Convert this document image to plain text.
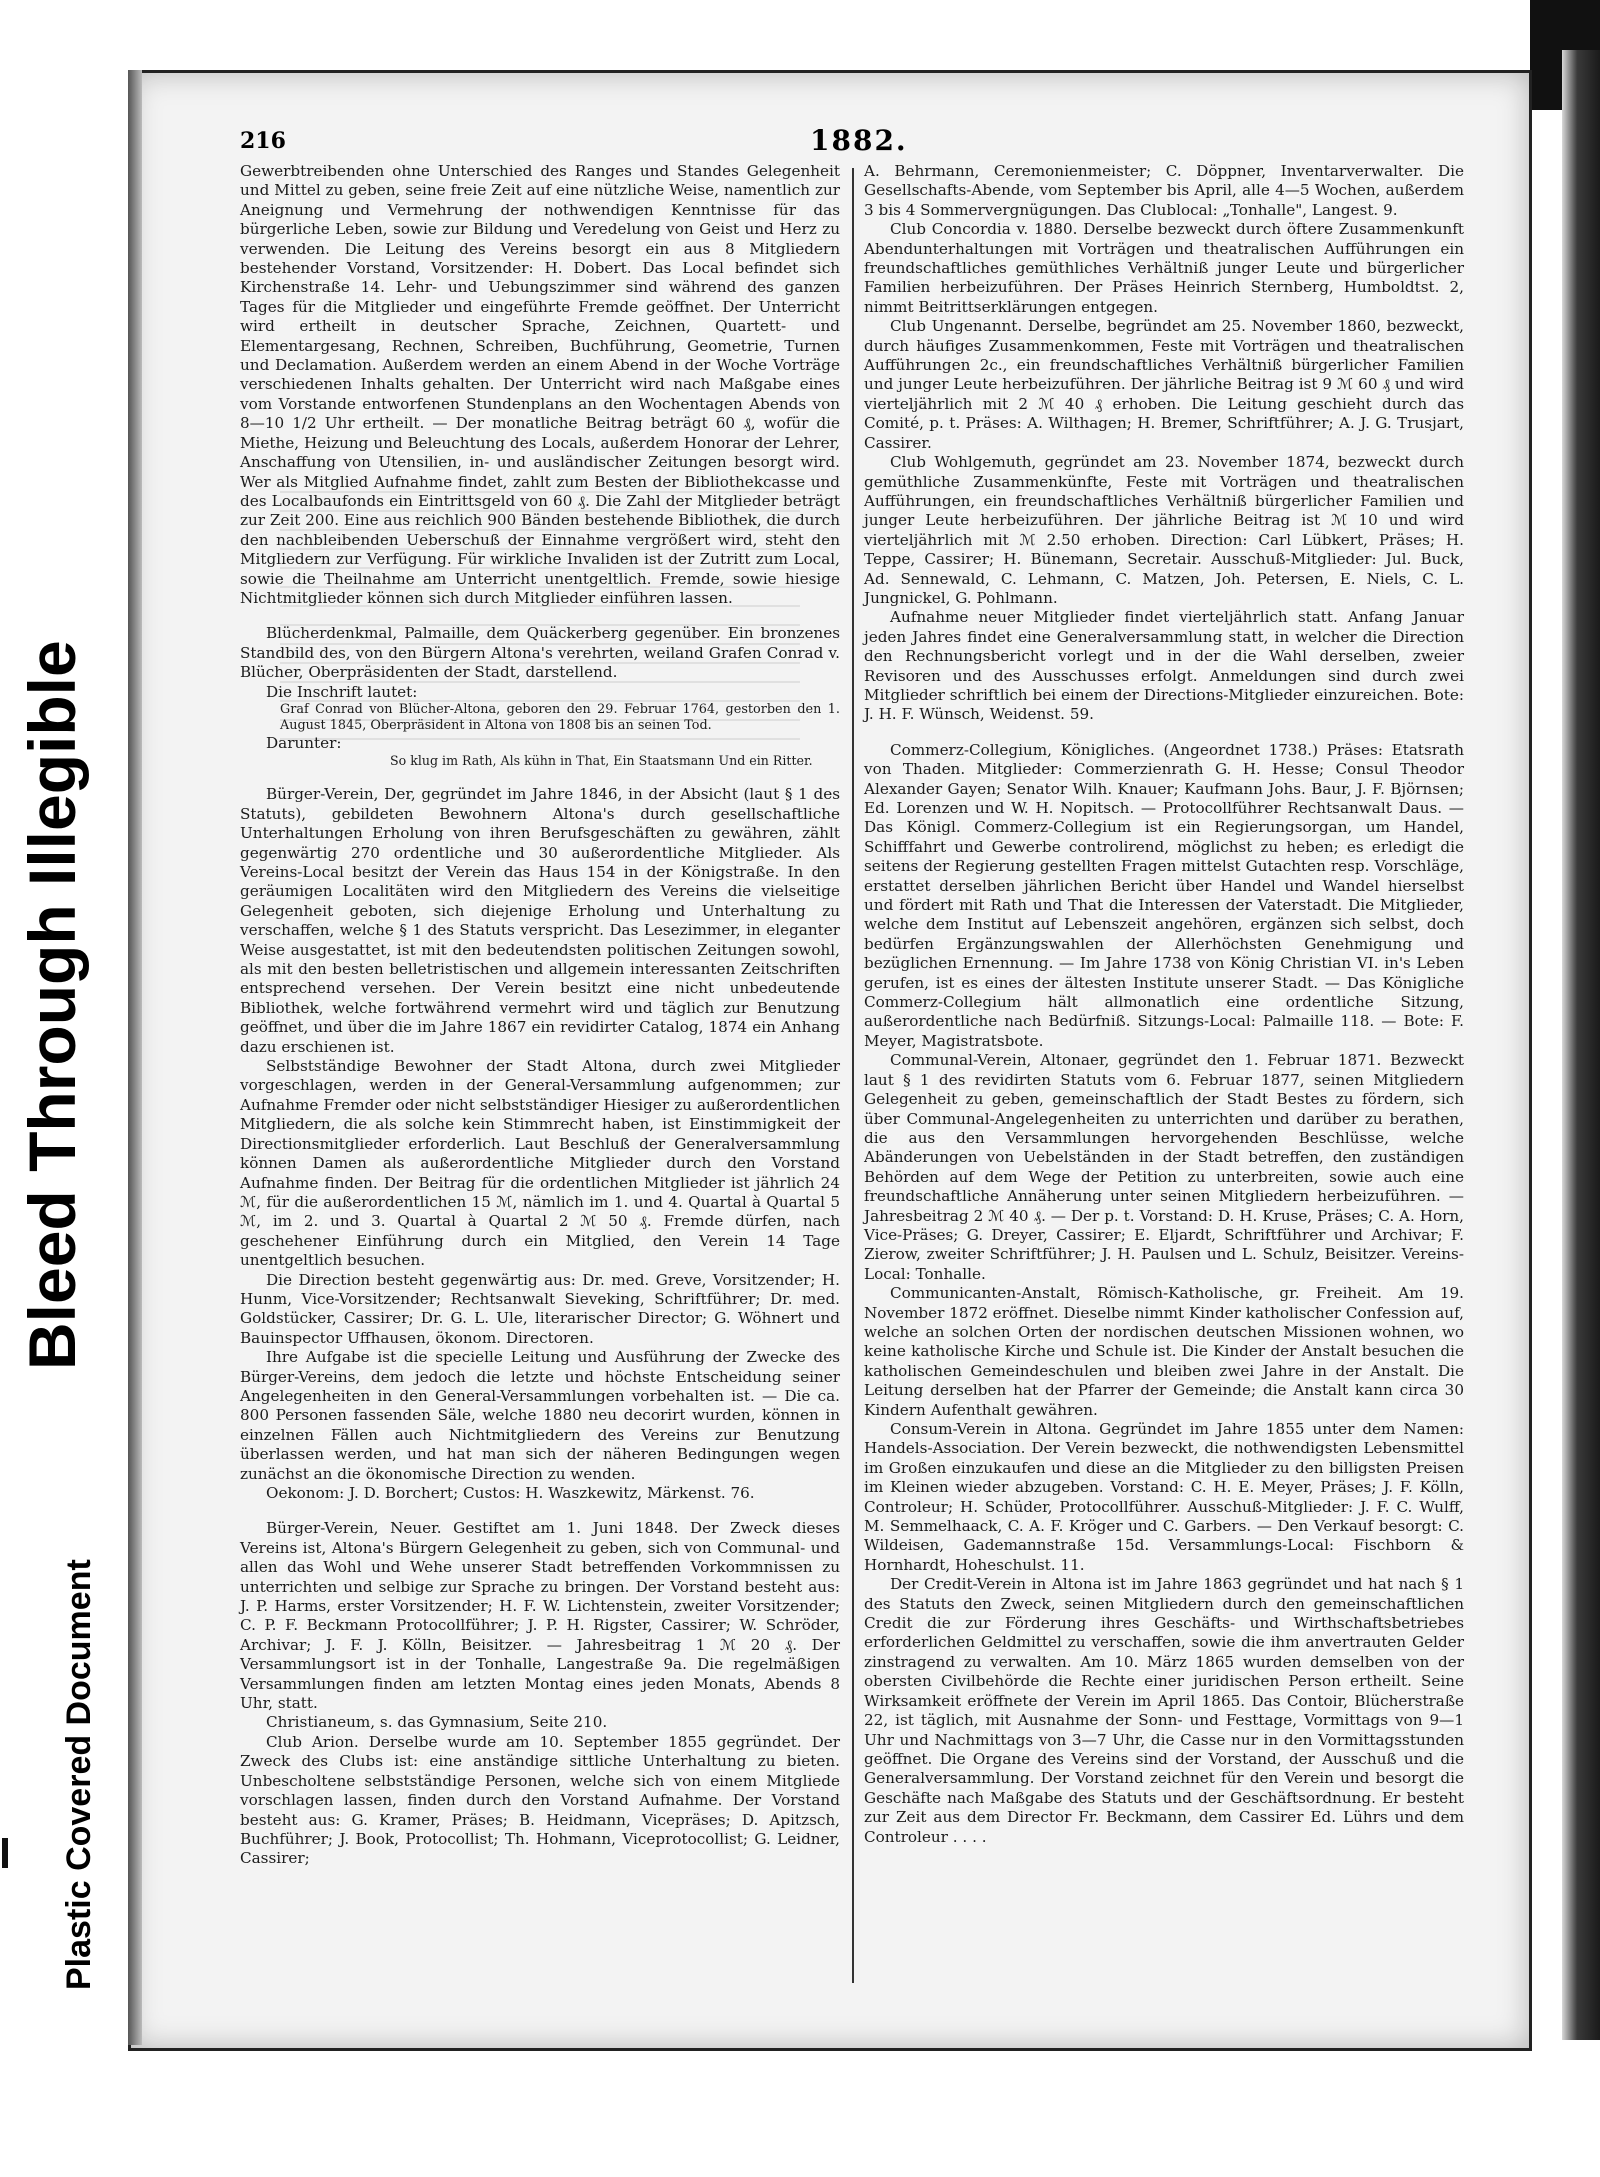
Bleed Through Illegible
Plastic Covered Document
216	1882.

Gewerbtreibenden ohne Unterschied des Ranges und Standes Gelegenheit und Mittel zu geben, seine freie Zeit auf eine nützliche Weise, namentlich zur Aneignung und Vermehrung der nothwendigen Kenntnisse für das bürgerliche Leben, sowie zur Bildung und Veredelung von Geist und Herz zu verwenden. Die Leitung des Vereins besorgt ein aus 8 Mitgliedern bestehender Vorstand, Vorsitzender: H. Dobert. Das Local befindet sich Kirchenstraße 14. Lehr- und Uebungszimmer sind während des ganzen Tages für die Mitglieder und eingeführte Fremde geöffnet. Der Unterricht wird ertheilt in deutscher Sprache, Zeichnen, Quartett- und Elementargesang, Rechnen, Schreiben, Buchführung, Geometrie, Turnen und Declamation. Außerdem werden an einem Abend in der Woche Vorträge verschiedenen Inhalts gehalten. Der Unterricht wird nach Maßgabe eines vom Vorstande entworfenen Stundenplans an den Wochentagen Abends von 8—10 1/2 Uhr ertheilt. — Der monatliche Beitrag beträgt 60 ₰, wofür die Miethe, Heizung und Beleuchtung des Locals, außerdem Honorar der Lehrer, Anschaffung von Utensilien, in- und ausländischer Zeitungen besorgt wird. Wer als Mitglied Aufnahme findet, zahlt zum Besten der Bibliothekcasse und des Localbaufonds ein Eintrittsgeld von 60 ₰. Die Zahl der Mitglieder beträgt zur Zeit 200. Eine aus reichlich 900 Bänden bestehende Bibliothek, die durch den nachbleibenden Ueberschuß der Einnahme vergrößert wird, steht den Mitgliedern zur Verfügung. Für wirkliche Invaliden ist der Zutritt zum Local, sowie die Theilnahme am Unterricht unentgeltlich. Fremde, sowie hiesige Nichtmitglieder können sich durch Mitglieder einführen lassen.

Blücherdenkmal, Palmaille, dem Quäckerberg gegenüber. Ein bronzenes Standbild des, von den Bürgern Altona's verehrten, weiland Grafen Conrad v. Blücher, Oberpräsidenten der Stadt, darstellend.

Die Inschrift lautet:

Graf Conrad von Blücher-Altona, geboren den 29. Februar 1764, gestorben den 1. August 1845, Oberpräsident in Altona von 1808 bis an seinen Tod.

Darunter:

So klug im Rath, Als kühn in That, Ein Staatsmann Und ein Ritter.

Bürger-Verein, Der, gegründet im Jahre 1846, in der Absicht (laut § 1 des Statuts), gebildeten Bewohnern Altona's durch gesellschaftliche Unterhaltungen Erholung von ihren Berufsgeschäften zu gewähren, zählt gegenwärtig 270 ordentliche und 30 außerordentliche Mitglieder. Als Vereins-Local besitzt der Verein das Haus 154 in der Königstraße. In den geräumigen Localitäten wird den Mitgliedern des Vereins die vielseitige Gelegenheit geboten, sich diejenige Erholung und Unterhaltung zu verschaffen, welche § 1 des Statuts verspricht. Das Lesezimmer, in eleganter Weise ausgestattet, ist mit den bedeutendsten politischen Zeitungen sowohl, als mit den besten belletristischen und allgemein interessanten Zeitschriften entsprechend versehen. Der Verein besitzt eine nicht unbedeutende Bibliothek, welche fortwährend vermehrt wird und täglich zur Benutzung geöffnet, und über die im Jahre 1867 ein revidirter Catalog, 1874 ein Anhang dazu erschienen ist.

Selbstständige Bewohner der Stadt Altona, durch zwei Mitglieder vorgeschlagen, werden in der General-Versammlung aufgenommen; zur Aufnahme Fremder oder nicht selbstständiger Hiesiger zu außerordentlichen Mitgliedern, die als solche kein Stimmrecht haben, ist Einstimmigkeit der Directionsmitglieder erforderlich. Laut Beschluß der Generalversammlung können Damen als außerordentliche Mitglieder durch den Vorstand Aufnahme finden. Der Beitrag für die ordentlichen Mitglieder ist jährlich 24 ℳ, für die außerordentlichen 15 ℳ, nämlich im 1. und 4. Quartal à Quartal 5 ℳ, im 2. und 3. Quartal à Quartal 2 ℳ 50 ₰. Fremde dürfen, nach geschehener Einführung durch ein Mitglied, den Verein 14 Tage unentgeltlich besuchen.

Die Direction besteht gegenwärtig aus: Dr. med. Greve, Vorsitzender; H. Hunm, Vice-Vorsitzender; Rechtsanwalt Sieveking, Schriftführer; Dr. med. Goldstücker, Cassirer; Dr. G. L. Ule, literarischer Director; G. Wöhnert und Bauinspector Uffhausen, ökonom. Directoren.

Ihre Aufgabe ist die specielle Leitung und Ausführung der Zwecke des Bürger-Vereins, dem jedoch die letzte und höchste Entscheidung seiner Angelegenheiten in den General-Versammlungen vorbehalten ist. — Die ca. 800 Personen fassenden Säle, welche 1880 neu decorirt wurden, können in einzelnen Fällen auch Nichtmitgliedern des Vereins zur Benutzung überlassen werden, und hat man sich der näheren Bedingungen wegen zunächst an die ökonomische Direction zu wenden.

Oekonom: J. D. Borchert; Custos: H. Waszkewitz, Märkenst. 76.

Bürger-Verein, Neuer. Gestiftet am 1. Juni 1848. Der Zweck dieses Vereins ist, Altona's Bürgern Gelegenheit zu geben, sich von Communal- und allen das Wohl und Wehe unserer Stadt betreffenden Vorkommnissen zu unterrichten und selbige zur Sprache zu bringen. Der Vorstand besteht aus: J. P. Harms, erster Vorsitzender; H. F. W. Lichtenstein, zweiter Vorsitzender; C. P. F. Beckmann Protocollführer; J. P. H. Rigster, Cassirer; W. Schröder, Archivar; J. F. J. Kölln, Beisitzer. — Jahresbeitrag 1 ℳ 20 ₰. Der Versammlungsort ist in der Tonhalle, Langestraße 9a. Die regelmäßigen Versammlungen finden am letzten Montag eines jeden Monats, Abends 8 Uhr, statt.

Christianeum, s. das Gymnasium, Seite 210.

Club Arion. Derselbe wurde am 10. September 1855 gegründet. Der Zweck des Clubs ist: eine anständige sittliche Unterhaltung zu bieten. Unbescholtene selbstständige Personen, welche sich von einem Mitgliede vorschlagen lassen, finden durch den Vorstand Aufnahme. Der Vorstand besteht aus: G. Kramer, Präses; B. Heidmann, Vicepräses; D. Apitzsch, Buchführer; J. Book, Protocollist; Th. Hohmann, Viceprotocollist; G. Leidner, Cassirer;

A. Behrmann, Ceremonienmeister; C. Döppner, Inventarverwalter. Die Gesellschafts-Abende, vom September bis April, alle 4—5 Wochen, außerdem 3 bis 4 Sommervergnügungen. Das Clublocal: „Tonhalle", Langest. 9.

Club Concordia v. 1880. Derselbe bezweckt durch öftere Zusammenkunft Abendunterhaltungen mit Vorträgen und theatralischen Aufführungen ein freundschaftliches gemüthliches Verhältniß junger Leute und bürgerlicher Familien herbeizuführen. Der Präses Heinrich Sternberg, Humboldtst. 2, nimmt Beitrittserklärungen entgegen.

Club Ungenannt. Derselbe, begründet am 25. November 1860, bezweckt, durch häufiges Zusammenkommen, Feste mit Vorträgen und theatralischen Aufführungen 2c., ein freundschaftliches Verhältniß bürgerlicher Familien und junger Leute herbeizuführen. Der jährliche Beitrag ist 9 ℳ 60 ₰ und wird vierteljährlich mit 2 ℳ 40 ₰ erhoben. Die Leitung geschieht durch das Comité, p. t. Präses: A. Wilthagen; H. Bremer, Schriftführer; A. J. G. Trusjart, Cassirer.

Club Wohlgemuth, gegründet am 23. November 1874, bezweckt durch gemüthliche Zusammenkünfte, Feste mit Vorträgen und theatralischen Aufführungen, ein freundschaftliches Verhältniß bürgerlicher Familien und junger Leute herbeizuführen. Der jährliche Beitrag ist ℳ 10 und wird vierteljährlich mit ℳ 2.50 erhoben. Direction: Carl Lübkert, Präses; H. Teppe, Cassirer; H. Bünemann, Secretair. Ausschuß-Mitglieder: Jul. Buck, Ad. Sennewald, C. Lehmann, C. Matzen, Joh. Petersen, E. Niels, C. L. Jungnickel, G. Pohlmann.

Aufnahme neuer Mitglieder findet vierteljährlich statt. Anfang Januar jeden Jahres findet eine Generalversammlung statt, in welcher die Direction den Rechnungsbericht vorlegt und in der die Wahl derselben, zweier Revisoren und des Ausschusses erfolgt. Anmeldungen sind durch zwei Mitglieder schriftlich bei einem der Directions-Mitglieder einzureichen. Bote: J. H. F. Wünsch, Weidenst. 59.

Commerz-Collegium, Königliches. (Angeordnet 1738.) Präses: Etatsrath von Thaden. Mitglieder: Commerzienrath G. H. Hesse; Consul Theodor Alexander Gayen; Senator Wilh. Knauer; Kaufmann Johs. Baur, J. F. Björnsen; Ed. Lorenzen und W. H. Nopitsch. — Protocollführer Rechtsanwalt Daus. — Das Königl. Commerz-Collegium ist ein Regierungsorgan, um Handel, Schifffahrt und Gewerbe controlirend, möglichst zu heben; es erledigt die seitens der Regierung gestellten Fragen mittelst Gutachten resp. Vorschläge, erstattet derselben jährlichen Bericht über Handel und Wandel hierselbst und fördert mit Rath und That die Interessen der Vaterstadt. Die Mitglieder, welche dem Institut auf Lebenszeit angehören, ergänzen sich selbst, doch bedürfen Ergänzungswahlen der Allerhöchsten Genehmigung und bezüglichen Ernennung. — Im Jahre 1738 von König Christian VI. in's Leben gerufen, ist es eines der ältesten Institute unserer Stadt. — Das Königliche Commerz-Collegium hält allmonatlich eine ordentliche Sitzung, außerordentliche nach Bedürfniß. Sitzungs-Local: Palmaille 118. — Bote: F. Meyer, Magistratsbote.

Communal-Verein, Altonaer, gegründet den 1. Februar 1871. Bezweckt laut § 1 des revidirten Statuts vom 6. Februar 1877, seinen Mitgliedern Gelegenheit zu geben, gemeinschaftlich der Stadt Bestes zu fördern, sich über Communal-Angelegenheiten zu unterrichten und darüber zu berathen, die aus den Versammlungen hervorgehenden Beschlüsse, welche Abänderungen von Uebelständen in der Stadt betreffen, den zuständigen Behörden auf dem Wege der Petition zu unterbreiten, sowie auch eine freundschaftliche Annäherung unter seinen Mitgliedern herbeizuführen. — Jahresbeitrag 2 ℳ 40 ₰. — Der p. t. Vorstand: D. H. Kruse, Präses; C. A. Horn, Vice-Präses; G. Dreyer, Cassirer; E. Eljardt, Schriftführer und Archivar; F. Zierow, zweiter Schriftführer; J. H. Paulsen und L. Schulz, Beisitzer. Vereins-Local: Tonhalle.

Communicanten-Anstalt, Römisch-Katholische, gr. Freiheit. Am 19. November 1872 eröffnet. Dieselbe nimmt Kinder katholischer Confession auf, welche an solchen Orten der nordischen deutschen Missionen wohnen, wo keine katholische Kirche und Schule ist. Die Kinder der Anstalt besuchen die katholischen Gemeindeschulen und bleiben zwei Jahre in der Anstalt. Die Leitung derselben hat der Pfarrer der Gemeinde; die Anstalt kann circa 30 Kindern Aufenthalt gewähren.

Consum-Verein in Altona. Gegründet im Jahre 1855 unter dem Namen: Handels-Association. Der Verein bezweckt, die nothwendigsten Lebensmittel im Großen einzukaufen und diese an die Mitglieder zu den billigsten Preisen im Kleinen wieder abzugeben. Vorstand: C. H. E. Meyer, Präses; J. F. Kölln, Controleur; H. Schüder, Protocollführer. Ausschuß-Mitglieder: J. F. C. Wulff, M. Semmelhaack, C. A. F. Kröger und C. Garbers. — Den Verkauf besorgt: C. Wildeisen, Gademannstraße 15d. Versammlungs-Local: Fischborn & Hornhardt, Hoheschulst. 11.

Der Credit-Verein in Altona ist im Jahre 1863 gegründet und hat nach § 1 des Statuts den Zweck, seinen Mitgliedern durch den gemeinschaftlichen Credit die zur Förderung ihres Geschäfts- und Wirthschaftsbetriebes erforderlichen Geldmittel zu verschaffen, sowie die ihm anvertrauten Gelder zinstragend zu verwalten. Am 10. März 1865 wurden demselben von der obersten Civilbehörde die Rechte einer juridischen Person ertheilt. Seine Wirksamkeit eröffnete der Verein im April 1865. Das Contoir, Blücherstraße 22, ist täglich, mit Ausnahme der Sonn- und Festtage, Vormittags von 9—1 Uhr und Nachmittags von 3—7 Uhr, die Casse nur in den Vormittagsstunden geöffnet. Die Organe des Vereins sind der Vorstand, der Ausschuß und die Generalversammlung. Der Vorstand zeichnet für den Verein und besorgt die Geschäfte nach Maßgabe des Statuts und der Geschäftsordnung. Er besteht zur Zeit aus dem Director Fr. Beckmann, dem Cassirer Ed. Lührs und dem Controleur . . . .
